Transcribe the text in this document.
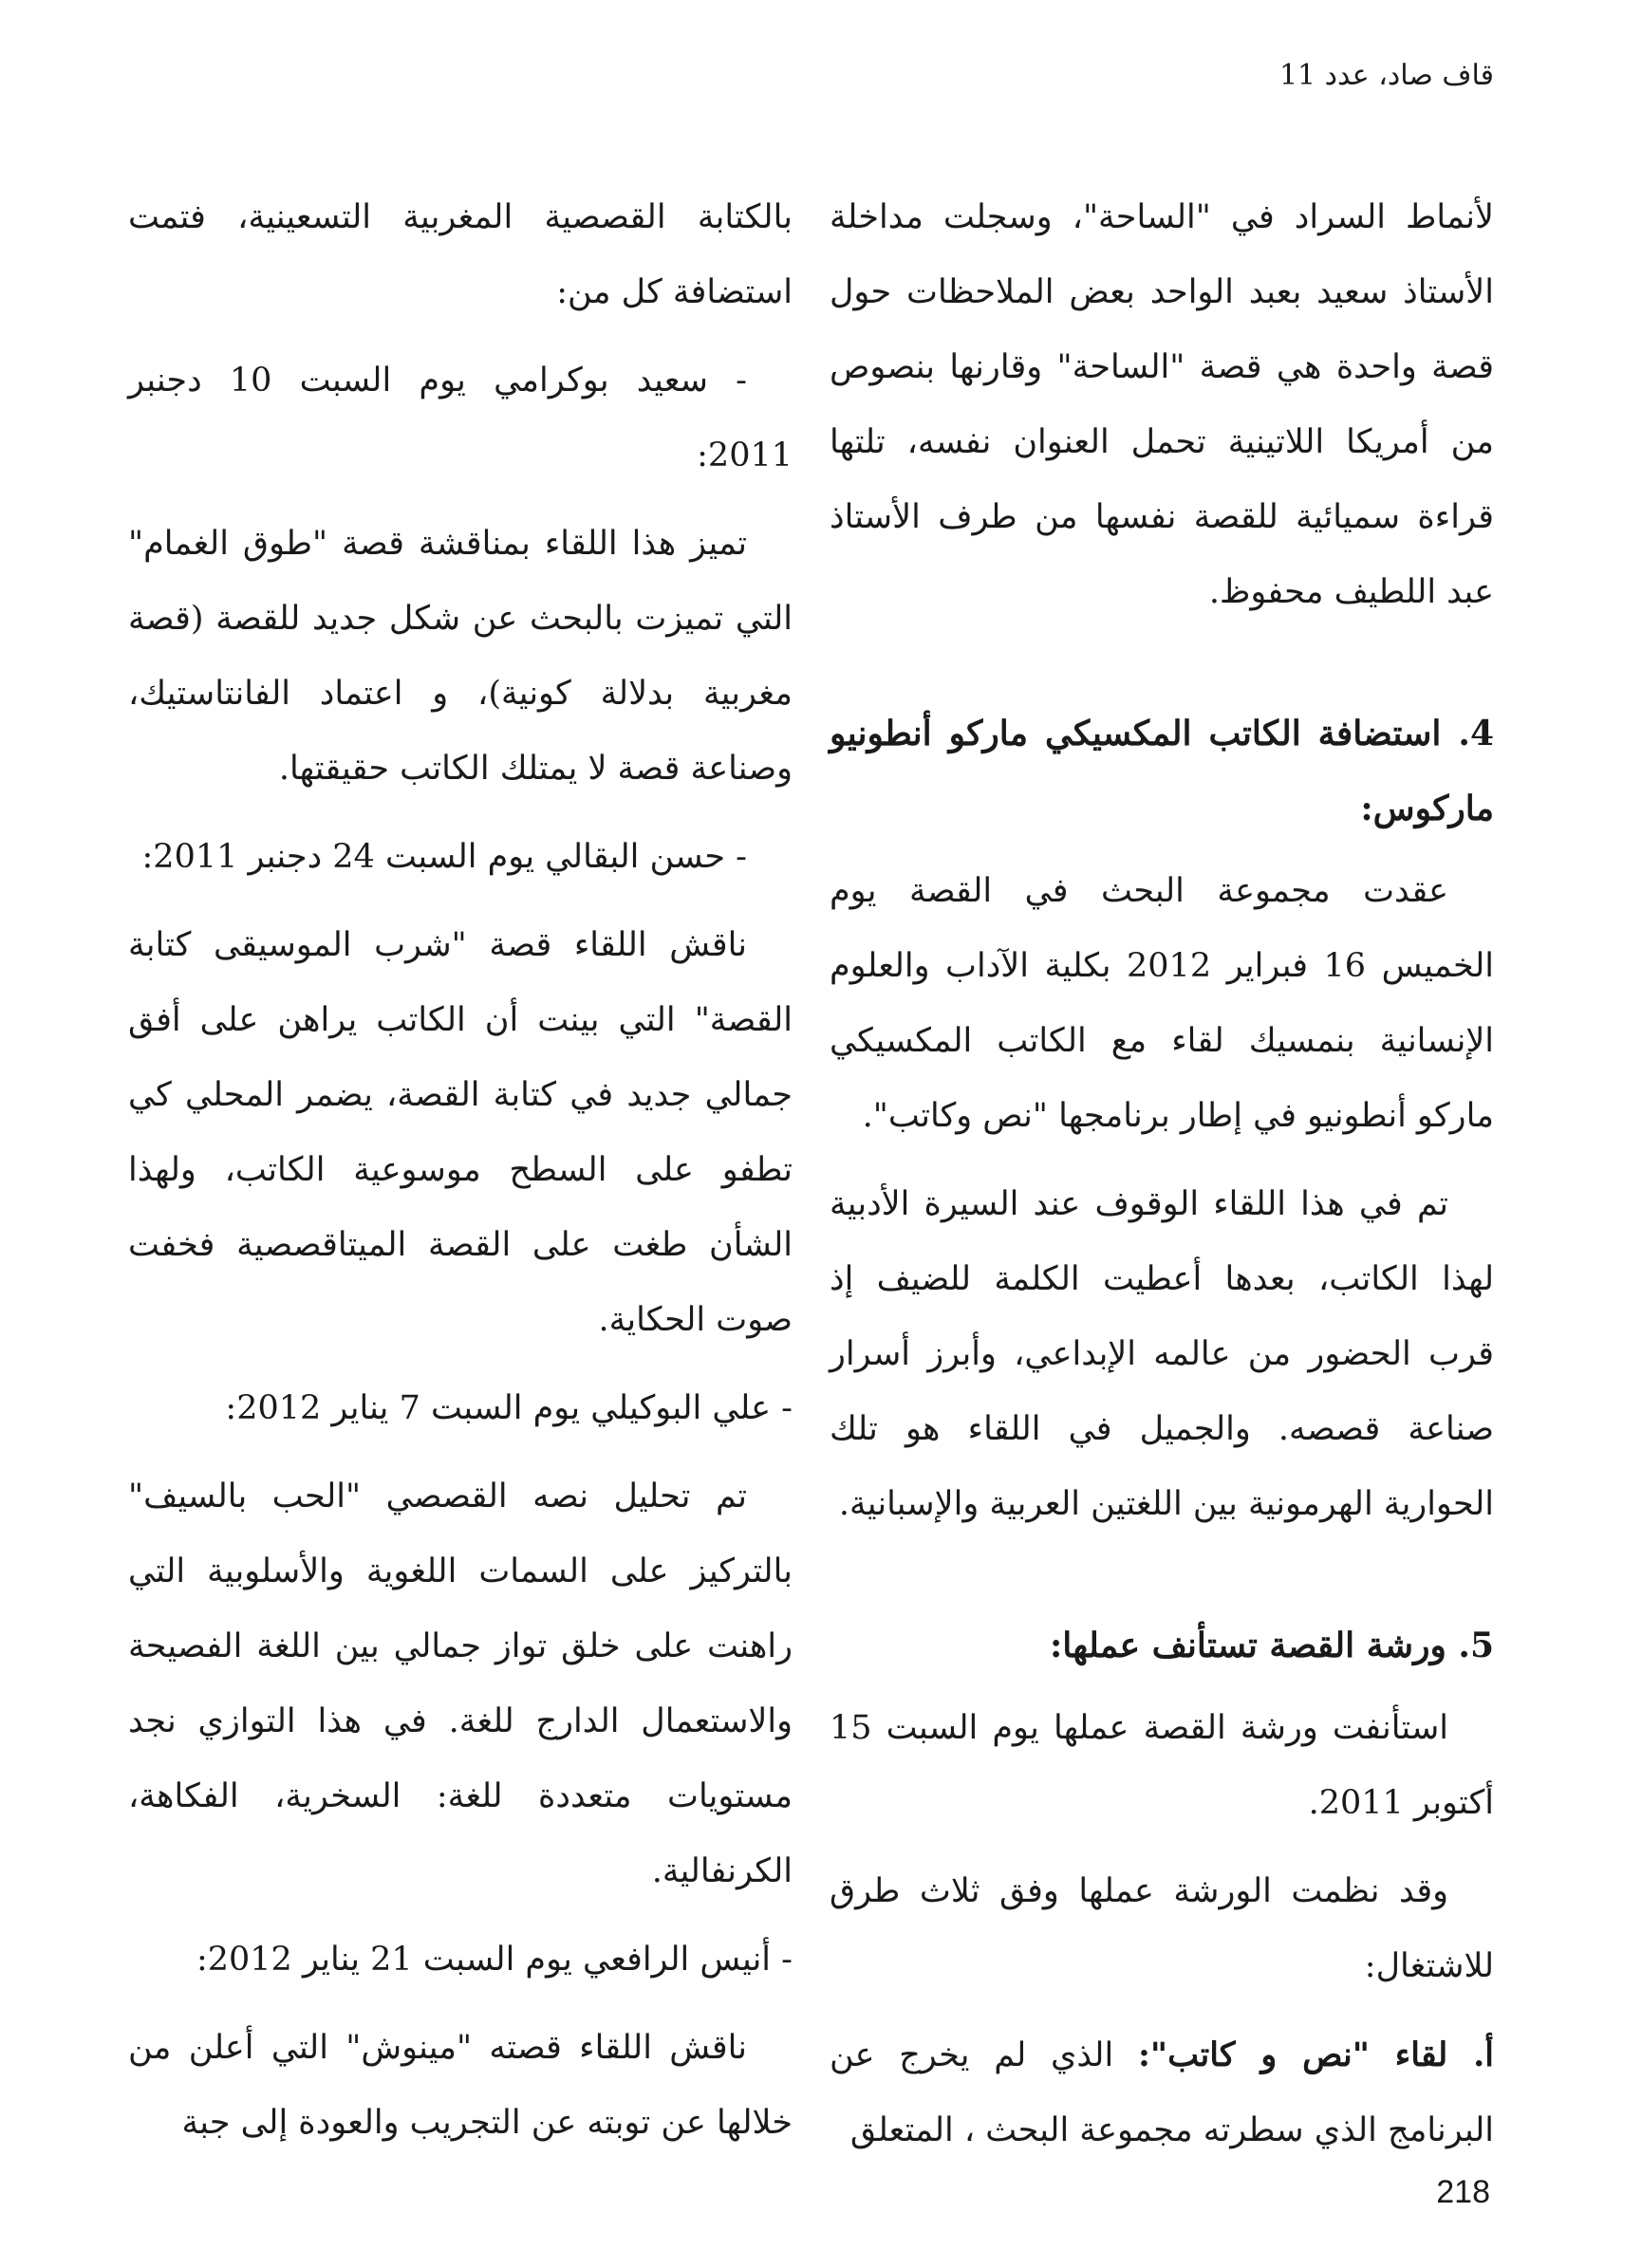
قاف صاد، عدد 11

لأنماط السراد في "الساحة"، وسجلت مداخلة الأستاذ سعيد بعبد الواحد بعض الملاحظات حول قصة واحدة هي قصة "الساحة" وقارنها بنصوص من أمريكا اللاتينية تحمل العنوان نفسه، تلتها قراءة سميائية للقصة نفسها من طرف الأستاذ عبد اللطيف محفوظ.

4. استضافة الكاتب المكسيكي ماركو أنطونيو ماركوس:

عقدت مجموعة البحث في القصة يوم الخميس 16 فبراير 2012 بكلية الآداب والعلوم الإنسانية بنمسيك لقاء مع الكاتب المكسيكي ماركو أنطونيو في إطار برنامجها "نص وكاتب".

تم في هذا اللقاء الوقوف عند السيرة الأدبية لهذا الكاتب، بعدها أعطيت الكلمة للضيف إذ قرب الحضور من عالمه الإبداعي، وأبرز أسرار صناعة قصصه. والجميل في اللقاء هو تلك الحوارية الهرمونية بين اللغتين العربية والإسبانية.

5. ورشة القصة تستأنف عملها:

استأنفت ورشة القصة عملها يوم السبت 15 أكتوبر 2011.

وقد نظمت الورشة عملها وفق ثلاث طرق للاشتغال:

أ. لقاء "نص و كاتب": الذي لم يخرج عن البرنامج الذي سطرته مجموعة البحث ، المتعلق

بالكتابة القصصية المغربية التسعينية، فتمت استضافة كل من:

- سعيد بوكرامي يوم السبت 10 دجنبر 2011:

تميز هذا اللقاء بمناقشة قصة "طوق الغمام" التي تميزت بالبحث عن شكل جديد للقصة (قصة مغربية بدلالة كونية)، و اعتماد الفانتاستيك، وصناعة قصة لا يمتلك الكاتب حقيقتها.

- حسن البقالي يوم السبت 24 دجنبر 2011:

ناقش اللقاء قصة "شرب الموسيقى كتابة القصة" التي بينت أن الكاتب يراهن على أفق جمالي جديد في كتابة القصة، يضمر المحلي كي تطفو على السطح موسوعية الكاتب، ولهذا الشأن طغت على القصة الميتاقصصية فخفت صوت الحكاية.

- علي البوكيلي يوم السبت 7 يناير 2012:

تم تحليل نصه القصصي "الحب بالسيف" بالتركيز على السمات اللغوية والأسلوبية التي راهنت على خلق تواز جمالي بين اللغة الفصيحة والاستعمال الدارج للغة. في هذا التوازي نجد مستويات متعددة للغة: السخرية، الفكاهة، الكرنفالية.

- أنيس الرافعي يوم السبت 21 يناير 2012:

ناقش اللقاء قصته "مينوش" التي أعلن من خلالها عن توبته عن التجريب والعودة إلى جبة

218
